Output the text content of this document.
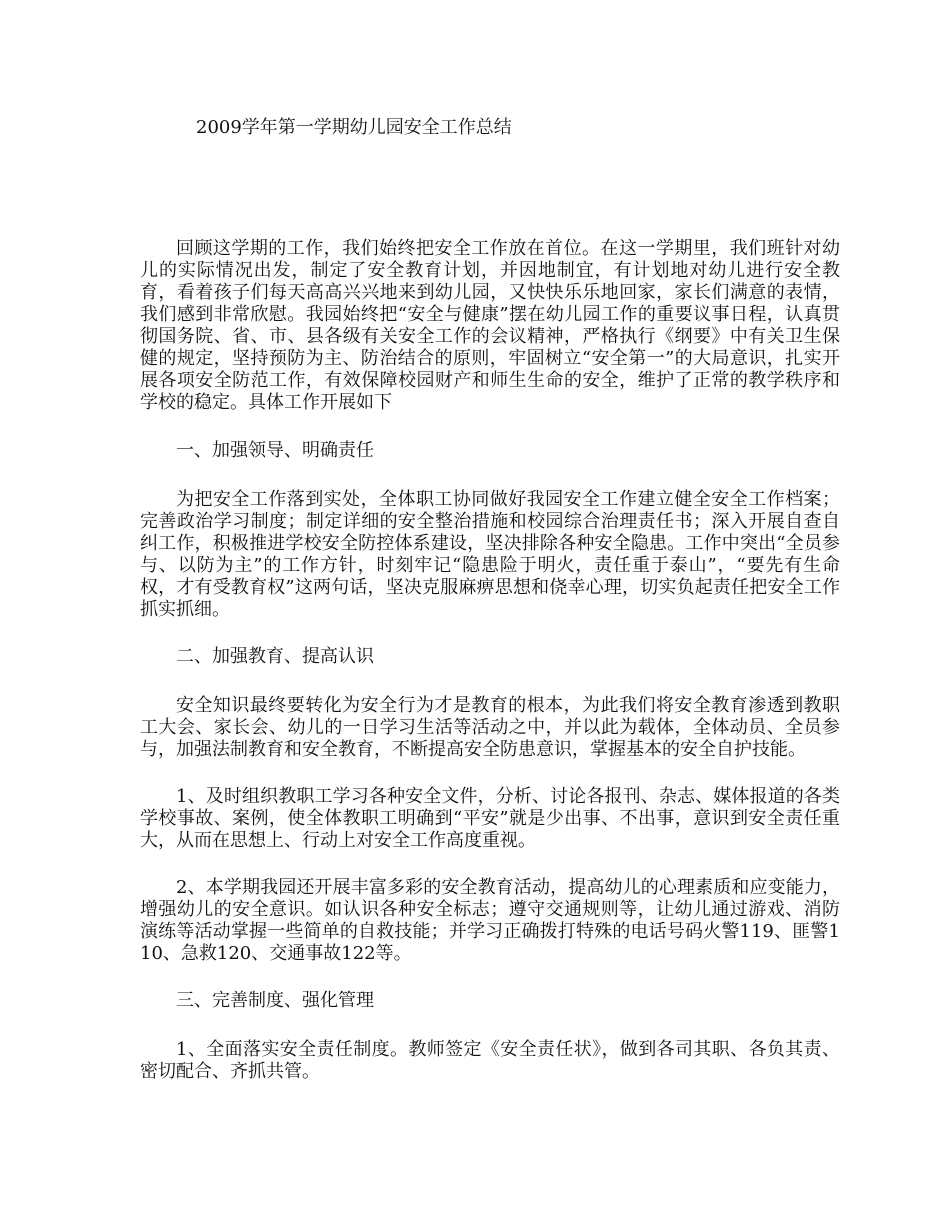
2009学年第一学期幼儿园安全工作总结

回顾这学期的工作，我们始终把安全工作放在首位。在这一学期里，我们班针对幼儿的实际情况出发，制定了安全教育计划，并因地制宜，有计划地对幼儿进行安全教育，看着孩子们每天高高兴兴地来到幼儿园，又快快乐乐地回家，家长们满意的表情，我们感到非常欣慰。我园始终把“安全与健康”摆在幼儿园工作的重要议事日程，认真贯彻国务院、省、市、县各级有关安全工作的会议精神，严格执行《纲要》中有关卫生保健的规定，坚持预防为主、防治结合的原则，牢固树立“安全第一”的大局意识，扎实开展各项安全防范工作，有效保障校园财产和师生生命的安全，维护了正常的教学秩序和学校的稳定。具体工作开展如下

一、加强领导、明确责任

为把安全工作落到实处，全体职工协同做好我园安全工作建立健全安全工作档案；完善政治学习制度；制定详细的安全整治措施和校园综合治理责任书；深入开展自查自纠工作，积极推进学校安全防控体系建设，坚决排除各种安全隐患。工作中突出“全员参与、以防为主”的工作方针，时刻牢记“隐患险于明火，责任重于泰山”，“要先有生命权，才有受教育权”这两句话，坚决克服麻痹思想和侥幸心理，切实负起责任把安全工作抓实抓细。

二、加强教育、提高认识

安全知识最终要转化为安全行为才是教育的根本，为此我们将安全教育渗透到教职工大会、家长会、幼儿的一日学习生活等活动之中，并以此为载体，全体动员、全员参与，加强法制教育和安全教育，不断提高安全防患意识，掌握基本的安全自护技能。

1、及时组织教职工学习各种安全文件，分析、讨论各报刊、杂志、媒体报道的各类学校事故、案例，使全体教职工明确到“平安”就是少出事、不出事，意识到安全责任重大，从而在思想上、行动上对安全工作高度重视。

2、本学期我园还开展丰富多彩的安全教育活动，提高幼儿的心理素质和应变能力，增强幼儿的安全意识。如认识各种安全标志；遵守交通规则等，让幼儿通过游戏、消防演练等活动掌握一些简单的自救技能；并学习正确拨打特殊的电话号码火警119、匪警110、急救120、交通事故122等。

三、完善制度、强化管理

1、全面落实安全责任制度。教师签定《安全责任状》，做到各司其职、各负其责、密切配合、齐抓共管。
